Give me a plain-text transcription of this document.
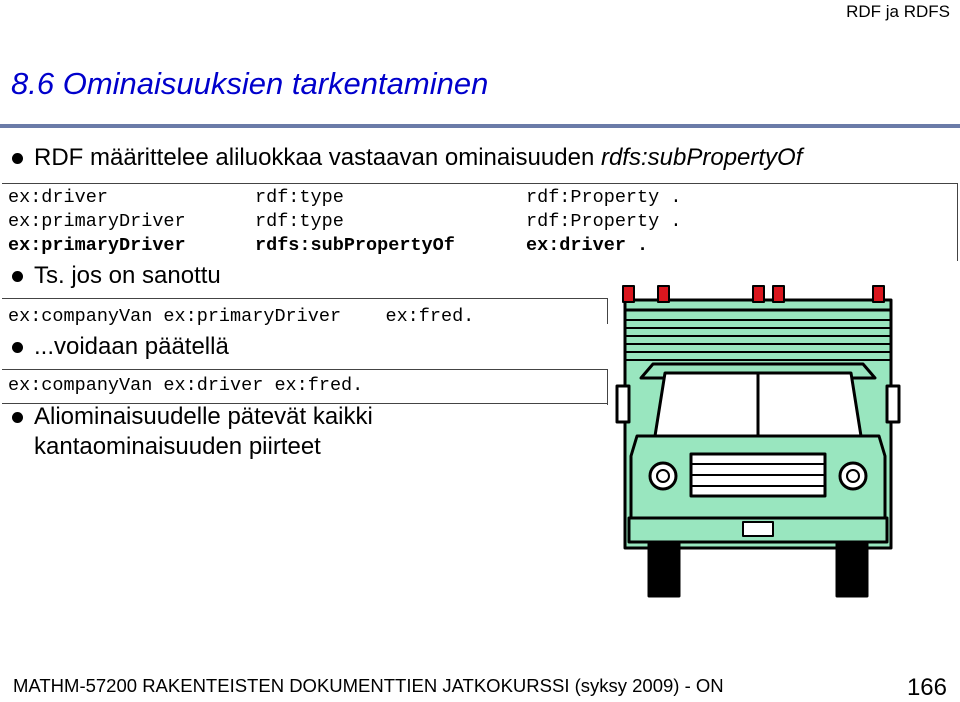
RDF ja RDFS
8.6 Ominaisuuksien tarkentaminen
RDF määrittelee aliluokkaa vastaavan ominaisuuden rdfs:subPropertyOf
ex:driver	rdf:type	rdf:Property .
ex:primaryDriver	rdf:type	rdf:Property .
ex:primaryDriver	rdfs:subPropertyOf	ex:driver .
Ts. jos on sanottu
ex:companyVan ex:primaryDriver    ex:fred.
...voidaan päätellä
ex:companyVan ex:driver ex:fred.
Aliominaisuudelle pätevät kaikki
kantaominaisuuden piirteet
MATHM-57200 RAKENTEISTEN DOKUMENTTIEN JATKOKURSSI (syksy 2009) - ON	166
